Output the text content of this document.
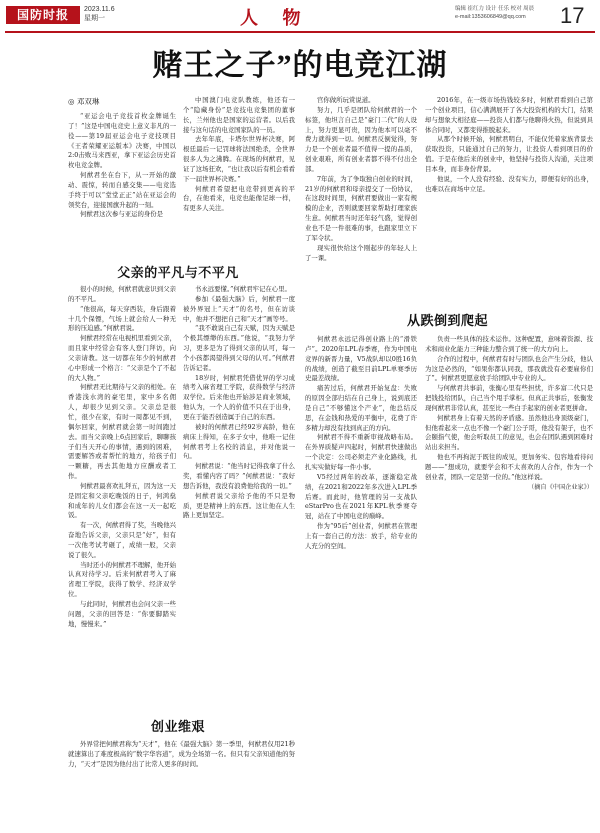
国防时报	2023.11.6
星期一	人 物	编辑 崔红力 设计 任乐 校对 周晨
e-mail:1353606849@qq.com	17
赌王之子”的电竞江湖
◎ 邓双琳

“亚运会电子竞技首枚金牌诞生了！”这是中国电竞史上意义非凡的一役——第19届亚运会电子竞技项目《王者荣耀亚运版本》决赛，中国以2:0击败马来西亚，拿下亚运会历史首枚电竞金牌。

何猷君坐在台下，从一开始的激动、震惊，转而自感交集——电竞选手终于可以“堂堂正正”站在亚运会的领奖台，迎接国旗升起的一刻。

何猷君这次参与亚运的身份是

父亲的平凡与不平凡

很小的时候，何猷君就意识到父亲的不平凡。

“他很高，每天穿西装，身后跟着十几个保镖，气场上就会给人一种无形的压迫感。”何猷君说。

何猷君经常在电视机里看到父亲，而且家中经常会有客人登门拜访，向父亲请教。这一切都在年少的何猷君心中形成一个格言：“父亲是个了不起的大人物。”

何猷君无比期待与父亲的相处。在香港浅水湾的豪宅里，家中多名佣人，却很少见到父亲。父亲总是很忙，很少在家，有时一周都见不到，偶尔回家，何猷君就会第一时间跑过去。而当父亲晚上6点回家后，聊聊孩子们当天开心的事情，遇到的困难，需要解答或者帮忙的地方，给孩子们一颗糖，再去其他地方应酬或者工作。

何猷君最喜欢礼拜五，因为这一天是固定和父亲吃晚饭的日子，何鸿燊和成年的儿女们都会在这一天一起吃饭。

有一次，何猷君得了奖，当晚他兴奋地告诉父亲，父亲只是“好”，但有一次他考试考砸了，成绩一般，父亲说了很久。

当时还小的何猷君不理解，他开始认真对待学习。后来何猷君考入了麻省理工学院，获得了数学、经济双学位。

与此同时，何猷君也会问父亲一些问题，父亲的回答是：“你要脚踏实地，慢慢来。”

中国澳门电竞队教练，他还有一个“隐藏身份”是竞技电竞集团的董事长，兰州他也是国家的运营者。以后我接与这句话的电竞国家队的一员。

去年年底，卡塔尔世界杯决赛，阿根廷最后一记罚球将法国绝杀，全世界很多人为之沸腾。在现场的何猷君，见证了这场狂欢，“也让我以后有机会看看下一届世界杯决赛。”

何猷君希望把电竞带到更高的平台，在他看来，电竞也能像足球一样，有更多人关注。

书永远要懂。”何猷君牢记在心里。

参加《最强大脑》后，何猷君一度被外界冠上“天才”的名号，但在访谈中，他并不想把自己和“天才”画等号。

“我不敢说自己有天赋，因为天赋是个极其缥缈的东西。”他说，“我努力学习，更多是为了得到父亲的认可，每一个小孩都渴望得到父母的认可。”何猷君告诉记者。

18岁时，何猷君凭借优异的学习成绩考入麻省理工学院，获得数学与经济双学位。后来他也开始涉足商业领域，他认为，一个人的价值不只在于出身，更在于能否创造属于自己的东西。

被时的何猷君已经92岁高龄，他在病床上得知，在多子女中，他唯一记住何猷君考上名校的消息，并对他说一句。

何猷君说：“他当时记得我拿了什么奖，看懂内容了吗？”何猷君说：“我好想告诉他，我没有浪费他给我的一切。”

何猷君说父亲给予他的不只是物质，更是精神上的东西。这让他在人生路上更加坚定。

创业维艰

外界常把何猷君称为“天才”，他在《最强大脑》第一季里，何猷君仅用21秒就速算出了难度极高的“数字华容道”，成为全场第一名。但只有父亲知道他的努力，“天才”是因为他付出了比常人更多的时间。

官你做所玩赏说道。

努力，几乎是团队给何猷君的一个标签，他坦言自己是“豪门二代”的人设上，努力更显可贵，因为他本可以毫不费力就得到一切。何猷君反倒觉得，努力是一个创业者最不值得一提的品质，创业艰难，所有创业者都不得不付出全部。

7年前，为了争取独自创业的时间，21岁的何猷君和母亲提交了一份协议，在这段时间里，何猷君要做出一家有规模的企业，否则就要回家帮助打理家族生意。何猷君当时还年轻气盛，觉得创业也不是一件很难的事，也跟家里立下了军令状。

现实很快给这个刚起步的年轻人上了一课。

从跌倒到爬起

何猷君永远记得创业路上的“滑铁卢”。2020年LPL春季赛，作为中国电竞界的新晋力量，V5战队却以0胜16负的战绩，创造了截至目前LPL单赛季历史最差战绩。

痛苦过后，何猷君开始复盘：失败的原因全部归结在自己身上，说到底还是自己“不够懂这个产业”，他总结反思，在金钱和热爱的平衡中，花费了许多精力却没有找到真正的方向。

何猷君不得不重新审视战略布局。在外界质疑声四起时，何猷君快速做出一个决定：公司必须走产业化路线，扎扎实实做好每一件小事。

V5经过两年的改革，逐渐稳定战绩，在2021和2022年多次进入LPL季后赛。而此时，他管理的另一支战队eStarPro也在2021年KPL秋季赛夺冠，站在了中国电竞的巅峰。

作为“95后”创业者，何猷君在管理上有一套自己的方法：放手，给专业的人充分的空间。

2016年，在一级市场热钱较多时，何猷君看到自己第一个创业项目，信心满满展开了各大投资机构的大门，结果却与想象大相径庭——投资人们都与他聊得火热，但说到具体合同时，又都变得推脱起来。

从那个时候开始，何猷君明白，不能仅凭着家族背景去获取投资，只能通过自己的努力，让投资人看到项目的价值。于是在他后来的创业中，他坚持与投资人沟通，关注项目本身，而非身份背景。

他说，一个人没有经验、没有实力，即便有好的出身，也难以在商场中立足。

负责一些具体的技术运作。这种配置，意味着资源、技术和商业化能力三种能力整合到了统一的大方向上。

合作的过程中，何猷君有时与团队也会产生分歧，他认为这是必然的，“如果你都认同我，那我就没有必要雇你们了”。何猷君更愿意放手给团队中专业的人。

与何猷君共事前，张衡心里有些担忧，许多富二代只是把钱投给团队，自己当个甩手掌柜。但真正共事后，张衡发现何猷君非常认真，甚至比一些白手起家的创业者更拼命。

何猷君身上有着天然的矛盾感。虽然他出身顶级豪门，但他看起来一点也不像一个豪门公子哥，他没有架子，也不会颐指气使，他会听取员工的意见，也会在团队遇到困难时站出来担当。

他也不再拘泥于既往的成见，更加务实、包容地看待问题——“想成功，就要学会和不太喜欢的人合作，作为一个创业者，团队一定是第一位的。”他这样说。

（摘自《中国企业家》）
